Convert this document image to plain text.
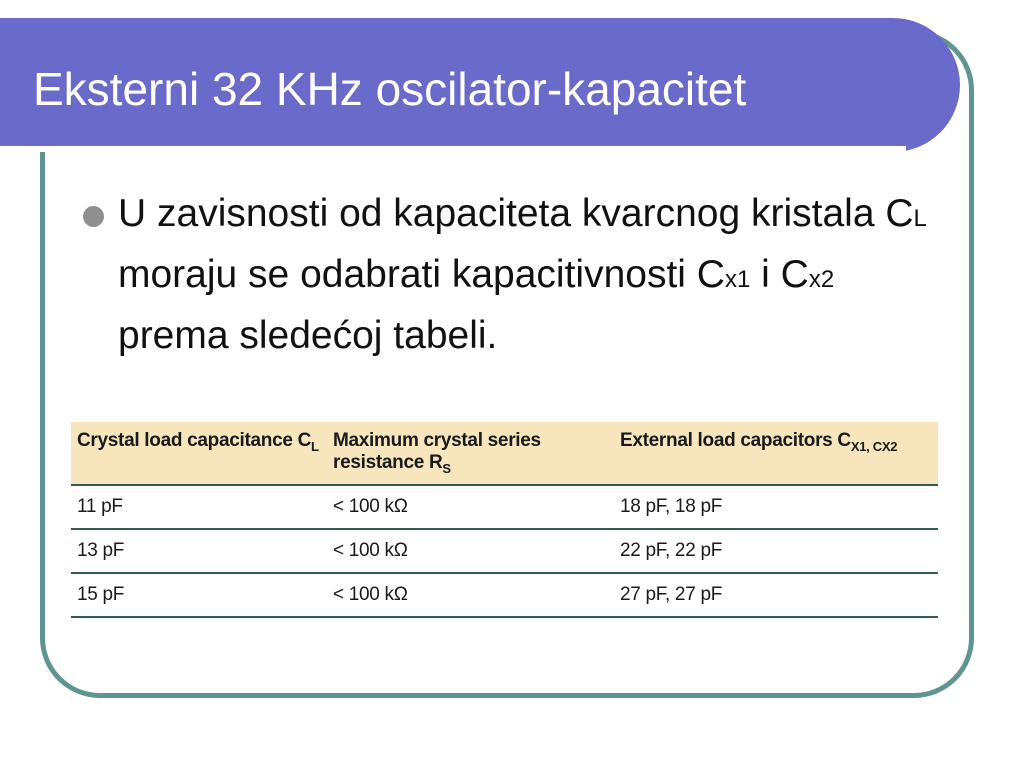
Eksterni 32 KHz oscilator-kapacitet
U zavisnosti od kapaciteta kvarcnog kristala CL moraju se odabrati kapacitivnosti Cx1 i Cx2 prema sledećoj tabeli.
Crystal load capacitance $C_L$	Maximum crystal series resistance $R_S$	External load capacitors $C_{X1, CX2}$
11 pF	< 100 kΩ	18 pF, 18 pF
13 pF	< 100 kΩ	22 pF, 22 pF
15 pF	< 100 kΩ	27 pF, 27 pF
